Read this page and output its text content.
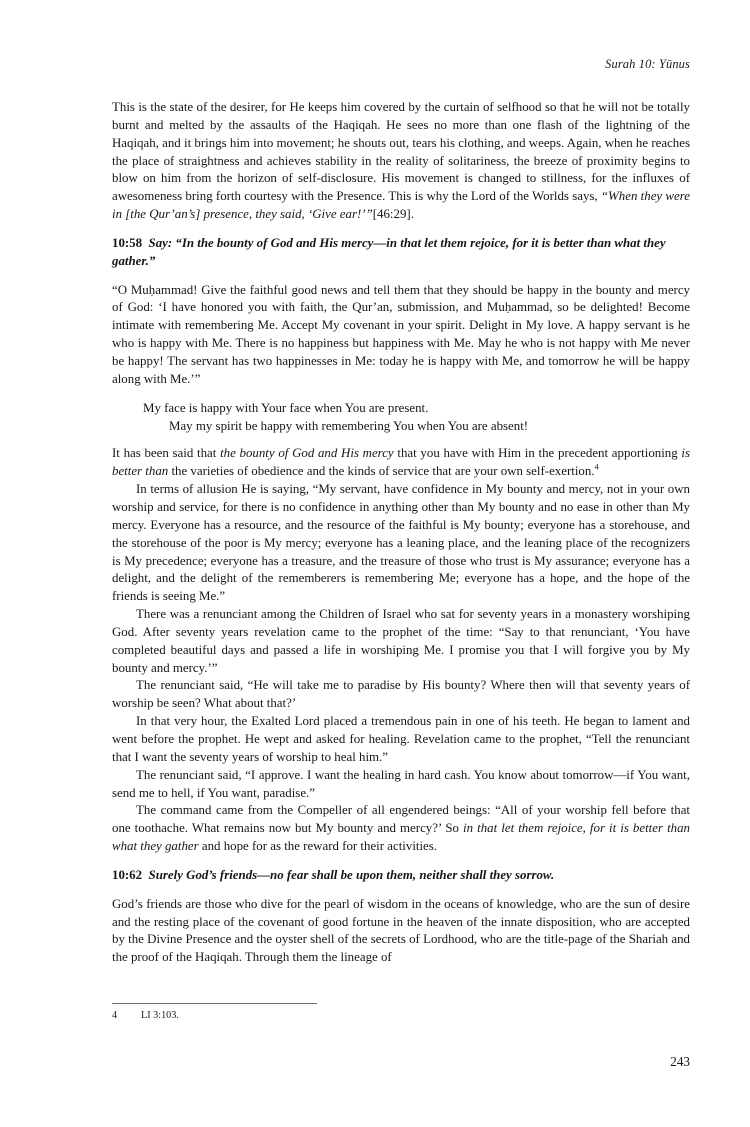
Surah 10: Yūnus

This is the state of the desirer, for He keeps him covered by the curtain of selfhood so that he will not be totally burnt and melted by the assaults of the Haqiqah. He sees no more than one flash of the lightning of the Haqiqah, and it brings him into movement; he shouts out, tears his clothing, and weeps. Again, when he reaches the place of straightness and achieves stability in the reality of solitariness, the breeze of proximity begins to blow on him from the horizon of self-disclosure. His movement is changed to stillness, for the influxes of awesomeness bring forth courtesy with the Presence. This is why the Lord of the Worlds says, “When they were in [the Qur’an’s] presence, they said, ‘Give ear!’”[46:29].

10:58 Say: “In the bounty of God and His mercy—in that let them rejoice, for it is better than what they gather.”

“O Muḥammad! Give the faithful good news and tell them that they should be happy in the bounty and mercy of God: ‘I have honored you with faith, the Qur’an, submission, and Muḥammad, so be delighted! Become intimate with remembering Me. Accept My covenant in your spirit. Delight in My love. A happy servant is he who is happy with Me. There is no happiness but happiness with Me. May he who is not happy with Me never be happy! The servant has two happinesses in Me: today he is happy with Me, and tomorrow he will be happy along with Me.’”

My face is happy with Your face when You are present.
May my spirit be happy with remembering You when You are absent!

It has been said that the bounty of God and His mercy that you have with Him in the precedent apportioning is better than the varieties of obedience and the kinds of service that are your own self-exertion.$^4$

In terms of allusion He is saying, “My servant, have confidence in My bounty and mercy, not in your own worship and service, for there is no confidence in anything other than My bounty and no ease in other than My mercy. Everyone has a resource, and the resource of the faithful is My bounty; everyone has a storehouse, and the storehouse of the poor is My mercy; everyone has a leaning place, and the leaning place of the recognizers is My precedence; everyone has a treasure, and the treasure of those who trust is My assurance; everyone has a delight, and the delight of the rememberers is remembering Me; everyone has a hope, and the hope of the friends is seeing Me.”

There was a renunciant among the Children of Israel who sat for seventy years in a monastery worshiping God. After seventy years revelation came to the prophet of the time: “Say to that renunciant, ‘You have completed beautiful days and passed a life in worshiping Me. I promise you that I will forgive you by My bounty and mercy.’”

The renunciant said, “He will take me to paradise by His bounty? Where then will that seventy years of worship be seen? What about that?’

In that very hour, the Exalted Lord placed a tremendous pain in one of his teeth. He began to lament and went before the prophet. He wept and asked for healing. Revelation came to the prophet, “Tell the renunciant that I want the seventy years of worship to heal him.”

The renunciant said, “I approve. I want the healing in hard cash. You know about tomorrow—if You want, send me to hell, if You want, paradise.”

The command came from the Compeller of all engendered beings: “All of your worship fell before that one toothache. What remains now but My bounty and mercy?’ So in that let them rejoice, for it is better than what they gather and hope for as the reward for their activities.

10:62 Surely God’s friends—no fear shall be upon them, neither shall they sorrow.

God’s friends are those who dive for the pearl of wisdom in the oceans of knowledge, who are the sun of desire and the resting place of the covenant of good fortune in the heaven of the innate disposition, who are accepted by the Divine Presence and the oyster shell of the secrets of Lordhood, who are the title-page of the Shariah and the proof of the Haqiqah. Through them the lineage of

4 LI 3:103.
243
